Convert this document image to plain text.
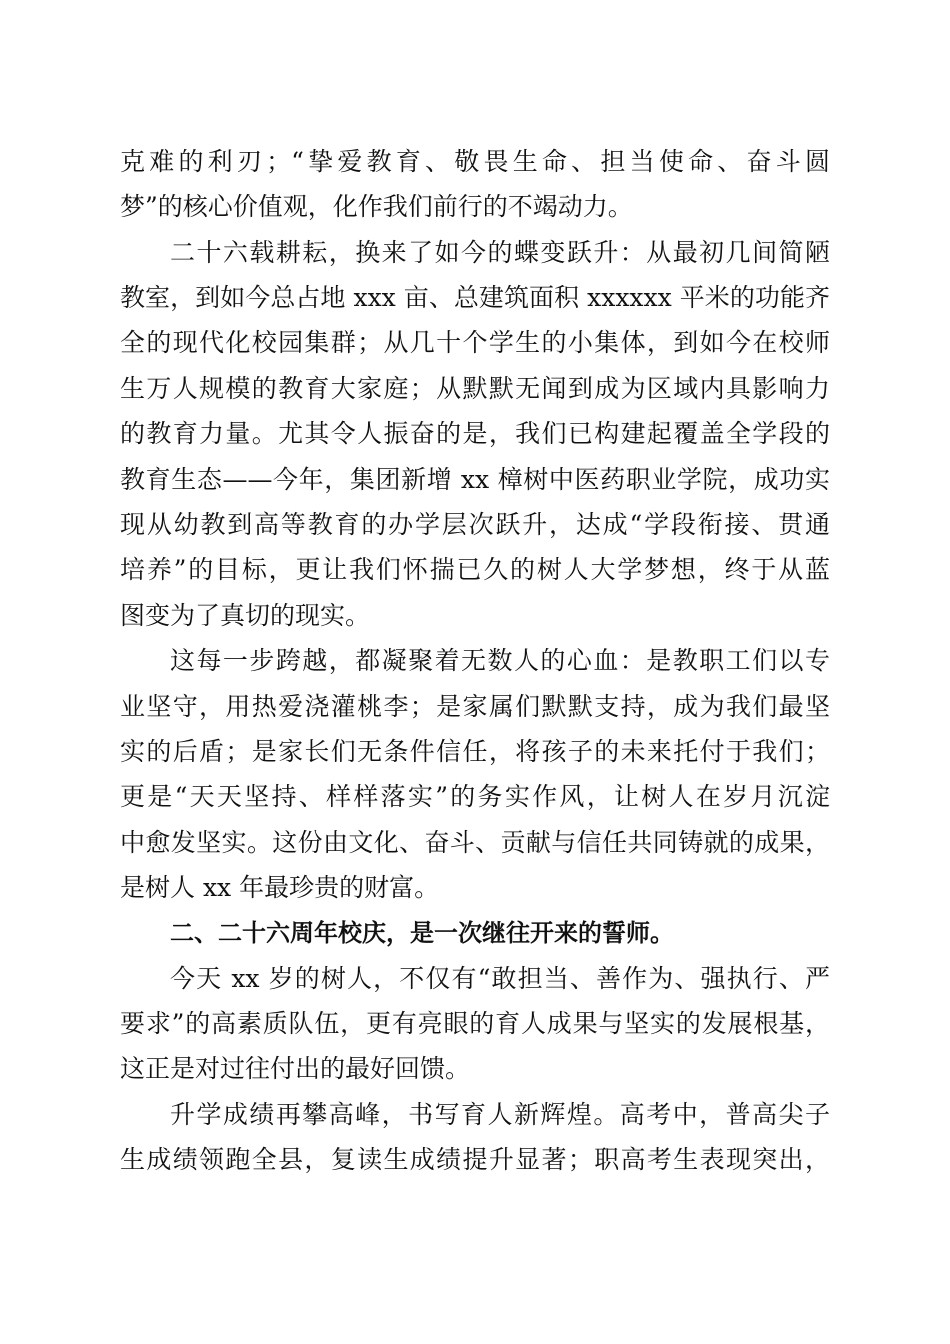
克难的利刃；“挚爱教育、敬畏生命、担当使命、奋斗圆
梦”的核心价值观，化作我们前行的不竭动力。
二十六载耕耘，换来了如今的蝶变跃升：从最初几间简陋
教室，到如今总占地 xxx 亩、总建筑面积 xxxxxx 平米的功能齐
全的现代化校园集群；从几十个学生的小集体，到如今在校师
生万人规模的教育大家庭；从默默无闻到成为区域内具影响力
的教育力量。尤其令人振奋的是，我们已构建起覆盖全学段的
教育生态——今年，集团新增 xx 樟树中医药职业学院，成功实
现从幼教到高等教育的办学层次跃升，达成“学段衔接、贯通
培养”的目标，更让我们怀揣已久的树人大学梦想，终于从蓝
图变为了真切的现实。
这每一步跨越，都凝聚着无数人的心血：是教职工们以专
业坚守，用热爱浇灌桃李；是家属们默默支持，成为我们最坚
实的后盾；是家长们无条件信任，将孩子的未来托付于我们；
更是“天天坚持、样样落实”的务实作风，让树人在岁月沉淀
中愈发坚实。这份由文化、奋斗、贡献与信任共同铸就的成果，
是树人 xx 年最珍贵的财富。
二、二十六周年校庆，是一次继往开来的誓师。
今天 xx 岁的树人，不仅有“敢担当、善作为、强执行、严
要求”的高素质队伍，更有亮眼的育人成果与坚实的发展根基，
这正是对过往付出的最好回馈。
升学成绩再攀高峰，书写育人新辉煌。高考中，普高尖子
生成绩领跑全县，复读生成绩提升显著；职高考生表现突出，
